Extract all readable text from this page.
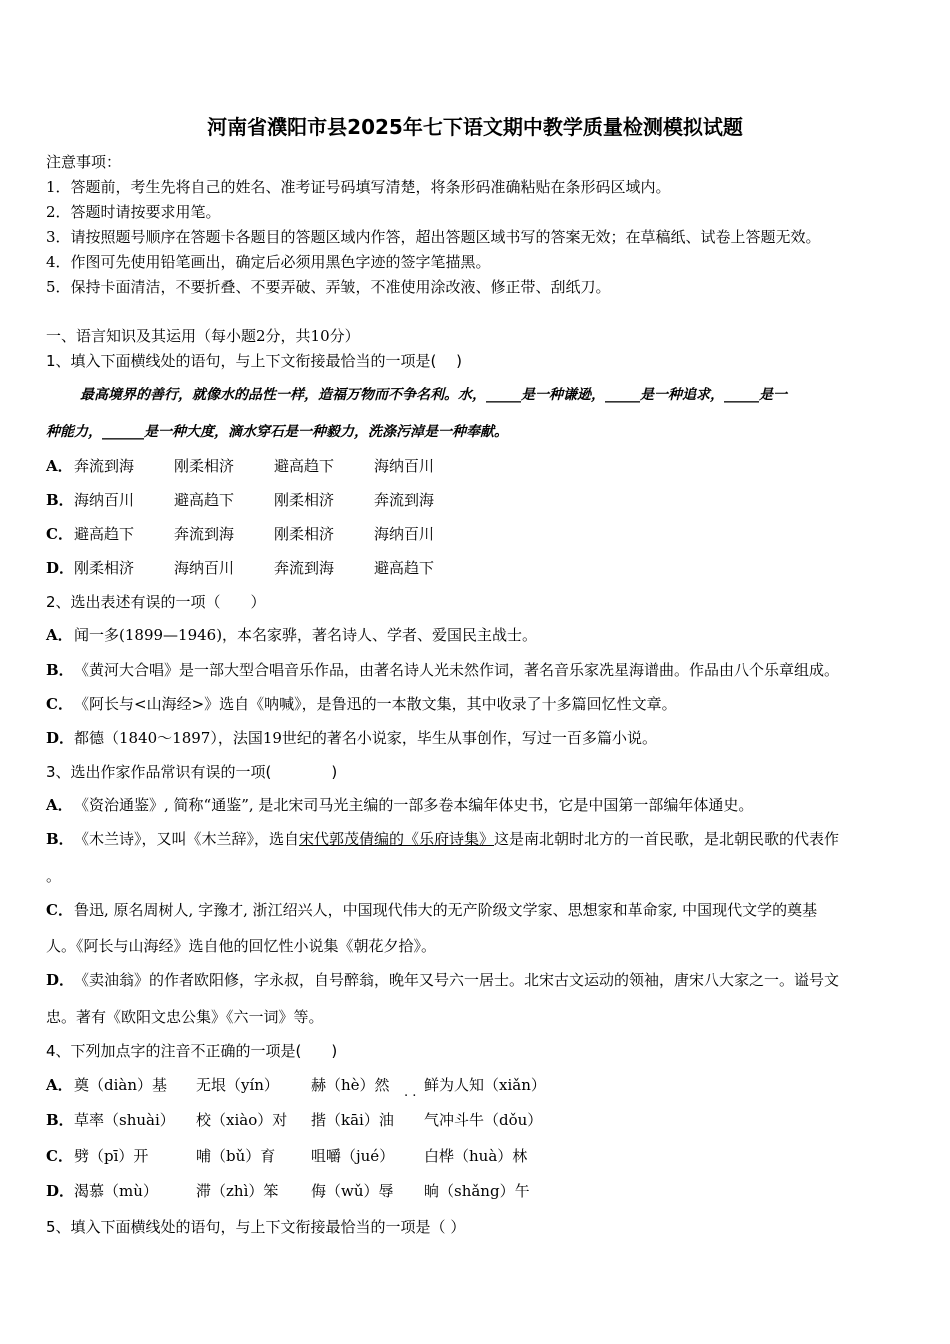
河南省濮阳市县2025年七下语文期中教学质量检测模拟试题
注意事项：
1．答题前，考生先将自己的姓名、准考证号码填写清楚，将条形码准确粘贴在条形码区域内。
2．答题时请按要求用笔。
3．请按照题号顺序在答题卡各题目的答题区域内作答，超出答题区域书写的答案无效；在草稿纸、试卷上答题无效。
4．作图可先使用铅笔画出，确定后必须用黑色字迹的签字笔描黑。
5．保持卡面清洁，不要折叠、不要弄破、弄皱，不准使用涂改液、修正带、刮纸刀。
一、语言知识及其运用（每小题2分，共10分）
1、填入下面横线处的语句，与上下文衔接最恰当的一项是(　 )
最高境界的善行，就像水的品性一样，造福万物而不争名利。水，_____是一种谦逊，_____是一种追求，_____是一
种能力，______是一种大度，滴水穿石是一种毅力，洗涤污淖是一种奉献。
A． 奔流到海	刚柔相济	避高趋下	海纳百川
B． 海纳百川	避高趋下	刚柔相济	奔流到海
C． 避高趋下	奔流到海	刚柔相济	海纳百川
D． 刚柔相济	海纳百川	奔流到海	避高趋下
2、选出表述有误的一项（　　）
A．闻一多(1899—1946)，本名家骅，著名诗人、学者、爱国民主战士。
B．《黄河大合唱》是一部大型合唱音乐作品，由著名诗人光未然作词，著名音乐家冼星海谱曲。作品由八个乐章组成。
C．《阿长与<山海经>》选自《呐喊》，是鲁迅的一本散文集，其中收录了十多篇回忆性文章。
D．都德（1840～1897），法国19世纪的著名小说家，毕生从事创作，写过一百多篇小说。
3、选出作家作品常识有误的一项(　　　　)
A．《资治通鉴》, 简称“通鉴”, 是北宋司马光主编的一部多卷本编年体史书，它是中国第一部编年体通史。
B．《木兰诗》，又叫《木兰辞》，选自宋代郭茂倩编的《乐府诗集》这是南北朝时北方的一首民歌，是北朝民歌的代表作
。
C．鲁迅, 原名周树人, 字豫才, 浙江绍兴人，中国现代伟大的无产阶级文学家、思想家和革命家, 中国现代文学的奠基
人。《阿长与山海经》选自他的回忆性小说集《朝花夕拾》。
D．《卖油翁》的作者欧阳修，字永叔，自号醉翁，晚年又号六一居士。北宋古文运动的领袖，唐宋八大家之一。谥号文
忠。著有《欧阳文忠公集》《六一词》等。
4、下列加点字的注音不正确的一项是(　　)
A． 奠（diàn）基 无垠（yín） 赫（hè）然 鲜为人知（xiǎn）
. .
B． 草率（shuài） 校（xiào）对 揩（kāi）油 气冲斗牛（dǒu）
C． 劈（pī）开	哺（bǔ）育 咀嚼（jué） 白桦（huà）林
D． 渴慕（mù）	滞（zhì）笨 侮（wǔ）辱 晌（shǎng）午
5、填入下面横线处的语句，与上下文衔接最恰当的一项是（ ）
